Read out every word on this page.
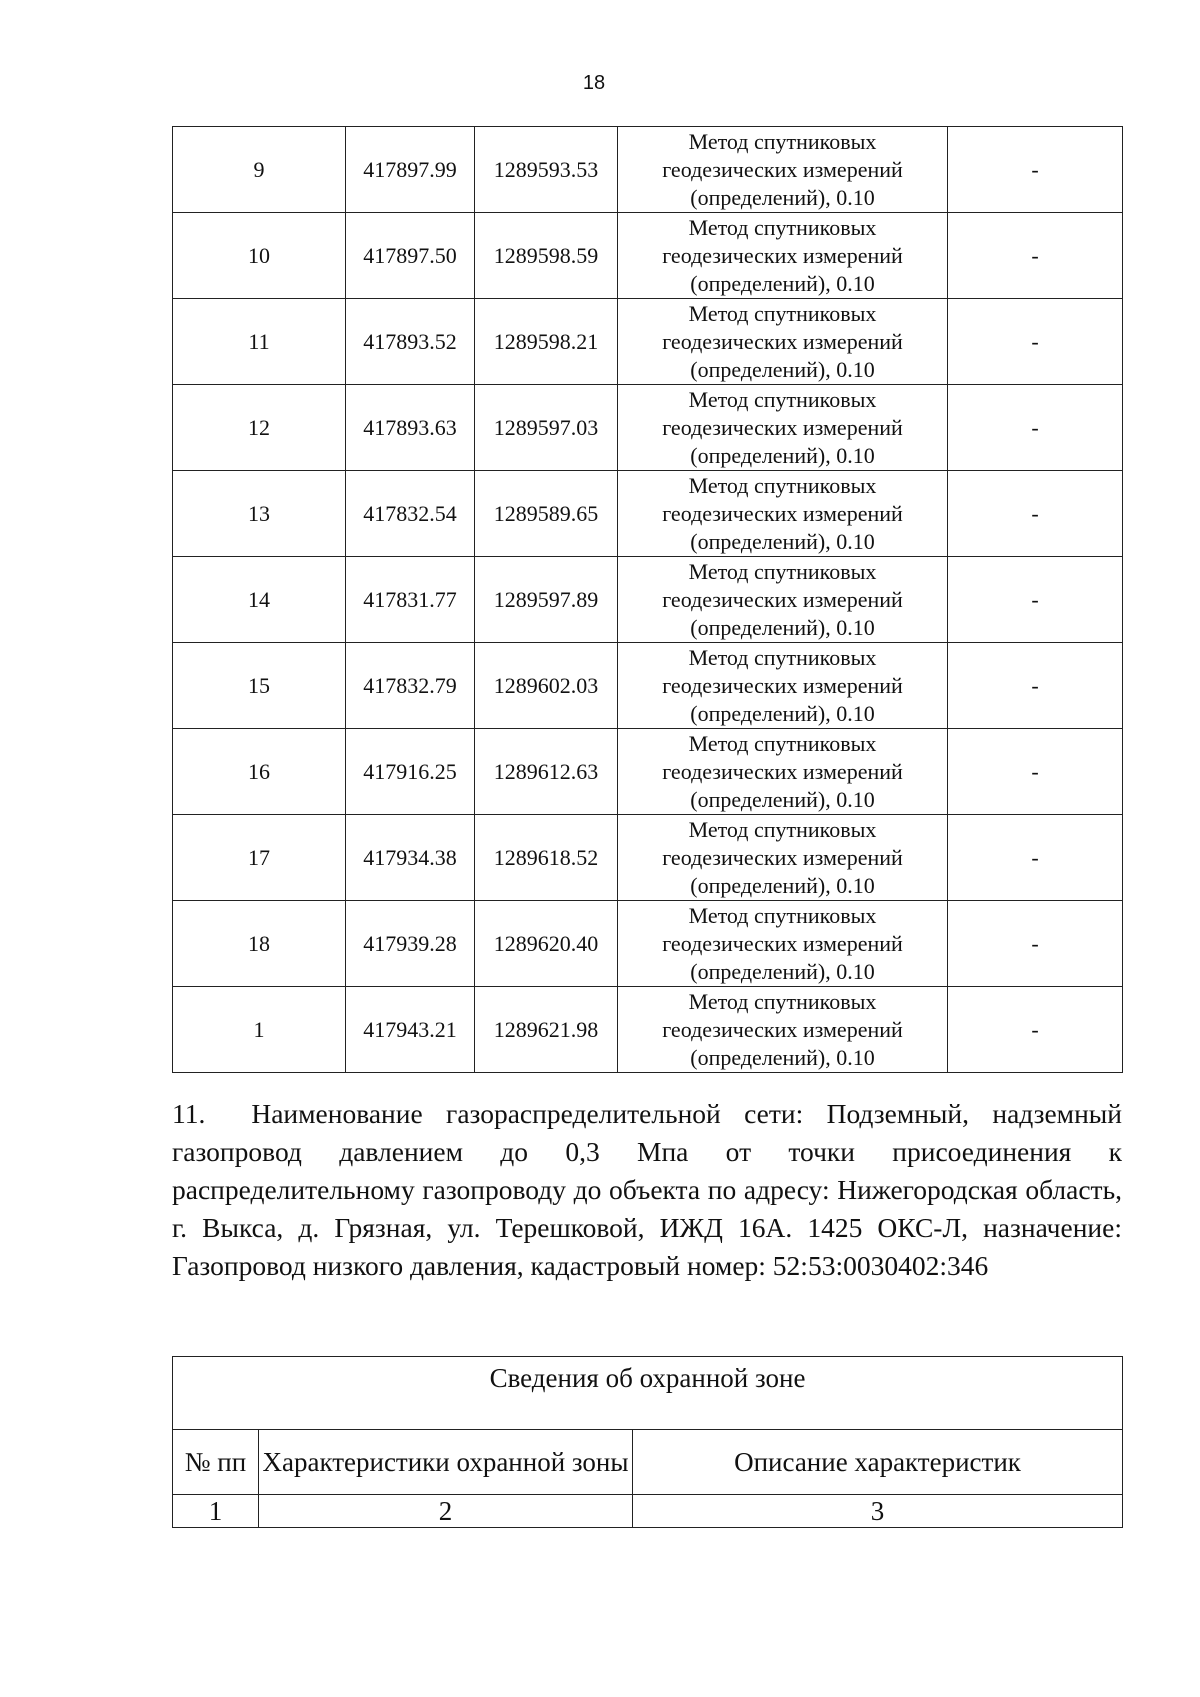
18
9	417897.99	1289593.53	Метод спутниковых
геодезических измерений
(определений), 0.10	-
10	417897.50	1289598.59	Метод спутниковых
геодезических измерений
(определений), 0.10	-
11	417893.52	1289598.21	Метод спутниковых
геодезических измерений
(определений), 0.10	-
12	417893.63	1289597.03	Метод спутниковых
геодезических измерений
(определений), 0.10	-
13	417832.54	1289589.65	Метод спутниковых
геодезических измерений
(определений), 0.10	-
14	417831.77	1289597.89	Метод спутниковых
геодезических измерений
(определений), 0.10	-
15	417832.79	1289602.03	Метод спутниковых
геодезических измерений
(определений), 0.10	-
16	417916.25	1289612.63	Метод спутниковых
геодезических измерений
(определений), 0.10	-
17	417934.38	1289618.52	Метод спутниковых
геодезических измерений
(определений), 0.10	-
18	417939.28	1289620.40	Метод спутниковых
геодезических измерений
(определений), 0.10	-
1	417943.21	1289621.98	Метод спутниковых
геодезических измерений
(определений), 0.10	-
11. Наименование газораспределительной сети: Подземный, надземный газопровод давлением до 0,3 Мпа от точки присоединения к распределительному газопроводу до объекта по адресу: Нижегородская область, г. Выкса, д. Грязная, ул. Терешковой, ИЖД 16А. 1425 ОКС-Л, назначение: Газопровод низкого давления, кадастровый номер: 52:53:0030402:346
Сведения об охранной зоне		
№ пп	Характеристики охранной зоны	Описание характеристик
1	2	3
